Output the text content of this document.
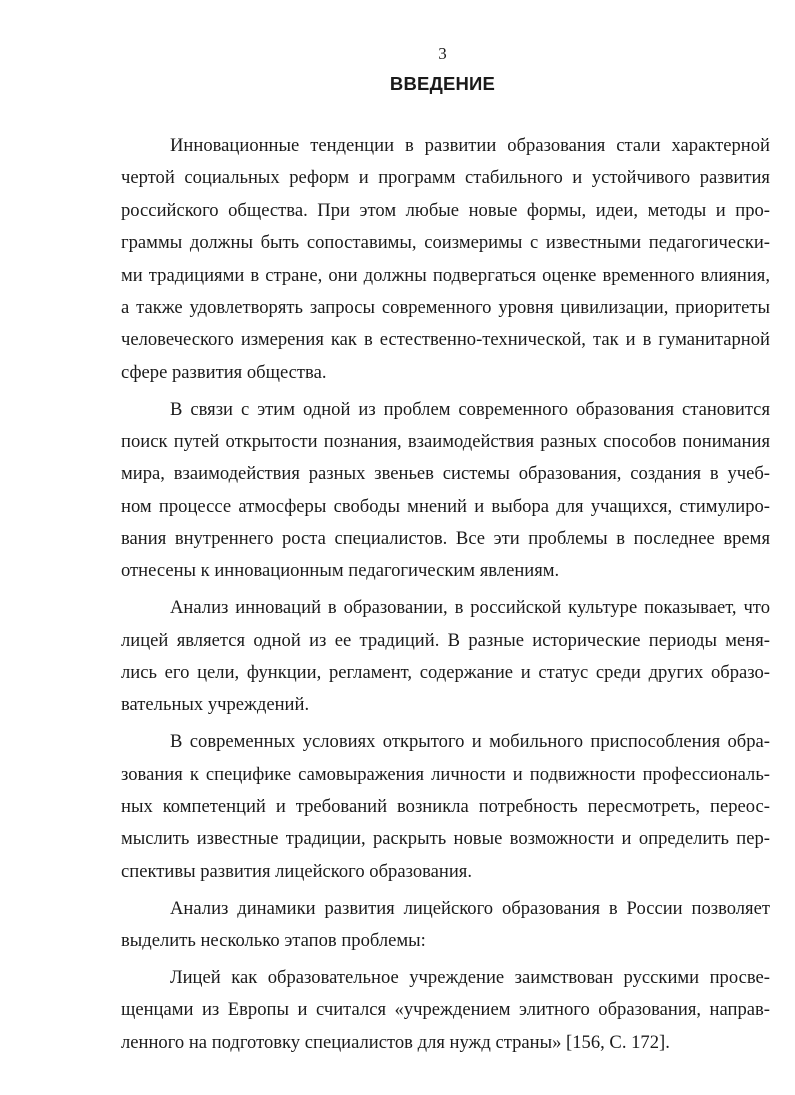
3
ВВЕДЕНИЕ
Инновационные тенденции в развитии образования стали характерной
чертой социальных реформ и программ стабильного и устойчивого развития
российского общества. При этом любые новые формы, идеи, методы и про-
граммы должны быть сопоставимы, соизмеримы с известными педагогически-
ми традициями в стране, они должны подвергаться оценке временного влияния,
а также удовлетворять запросы современного уровня цивилизации, приоритеты
человеческого измерения как в естественно-технической, так и в гуманитарной
сфере развития общества.
В связи с этим одной из проблем современного образования становится
поиск путей открытости познания, взаимодействия разных способов понимания
мира, взаимодействия разных звеньев системы образования, создания в учеб-
ном процессе атмосферы свободы мнений и выбора для учащихся, стимулиро-
вания внутреннего роста специалистов. Все эти проблемы в последнее время
отнесены к инновационным педагогическим явлениям.
Анализ инноваций в образовании, в российской культуре показывает, что
лицей является одной из ее традиций. В разные исторические периоды меня-
лись его цели, функции, регламент, содержание и статус среди других образо-
вательных учреждений.
В современных условиях открытого и мобильного приспособления обра-
зования к специфике самовыражения личности и подвижности профессиональ-
ных компетенций и требований возникла потребность пересмотреть, переос-
мыслить известные традиции, раскрыть новые возможности и определить пер-
спективы развития лицейского образования.
Анализ динамики развития лицейского образования в России позволяет
выделить несколько этапов проблемы:
Лицей как образовательное учреждение заимствован русскими просве-
щенцами из Европы и считался «учреждением элитного образования, направ-
ленного на подготовку специалистов для нужд страны» [156, С. 172].
